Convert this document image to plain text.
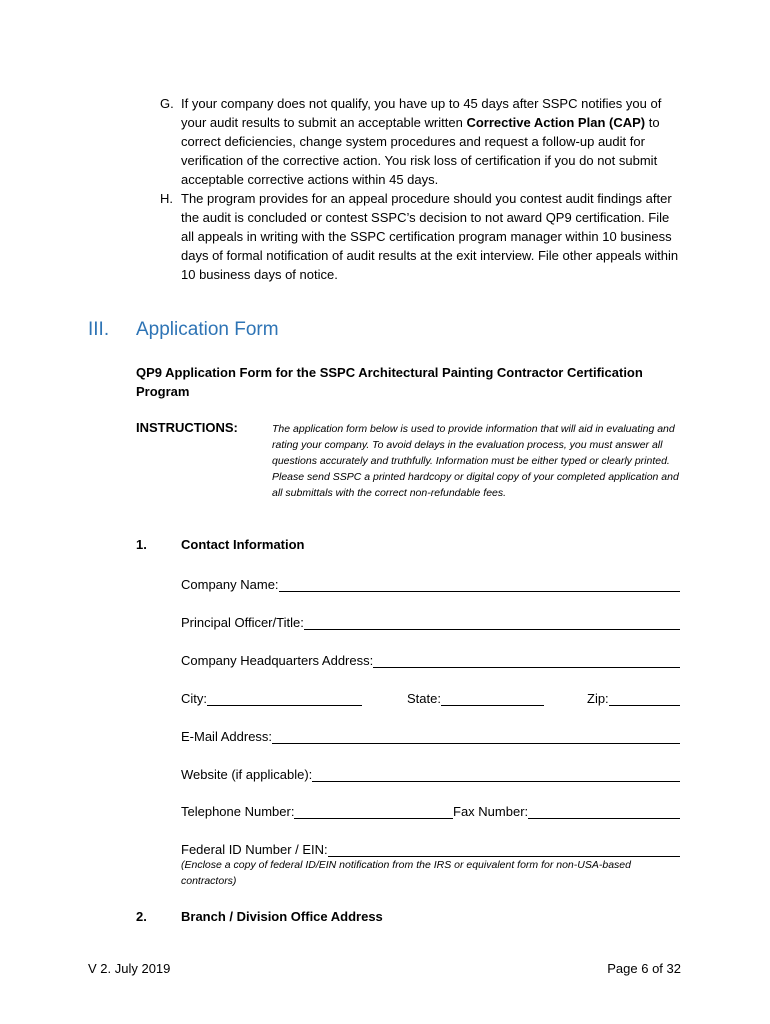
G. If your company does not qualify, you have up to 45 days after SSPC notifies you of your audit results to submit an acceptable written Corrective Action Plan (CAP) to correct deficiencies, change system procedures and request a follow-up audit for verification of the corrective action. You risk loss of certification if you do not submit acceptable corrective actions within 45 days.
H. The program provides for an appeal procedure should you contest audit findings after the audit is concluded or contest SSPC’s decision to not award QP9 certification. File all appeals in writing with the SSPC certification program manager within 10 business days of formal notification of audit results at the exit interview. File other appeals within 10 business days of notice.
III. Application Form
QP9 Application Form for the SSPC Architectural Painting Contractor Certification Program
INSTRUCTIONS:	The application form below is used to provide information that will aid in evaluating and rating your company. To avoid delays in the evaluation process, you must answer all questions accurately and truthfully. Information must be either typed or clearly printed. Please send SSPC a printed hardcopy or digital copy of your completed application and all submittals with the correct non-refundable fees.
1.	Contact Information
Company Name:
Principal Officer/Title:
Company Headquarters Address:
City:	State:	Zip:
E-Mail Address:
Website (if applicable):
Telephone Number:	Fax Number:
Federal ID Number / EIN:
(Enclose a copy of federal ID/EIN notification from the IRS or equivalent form for non-USA-based contractors)
2.	Branch / Division Office Address
V 2. July 2019	Page 6 of 32
